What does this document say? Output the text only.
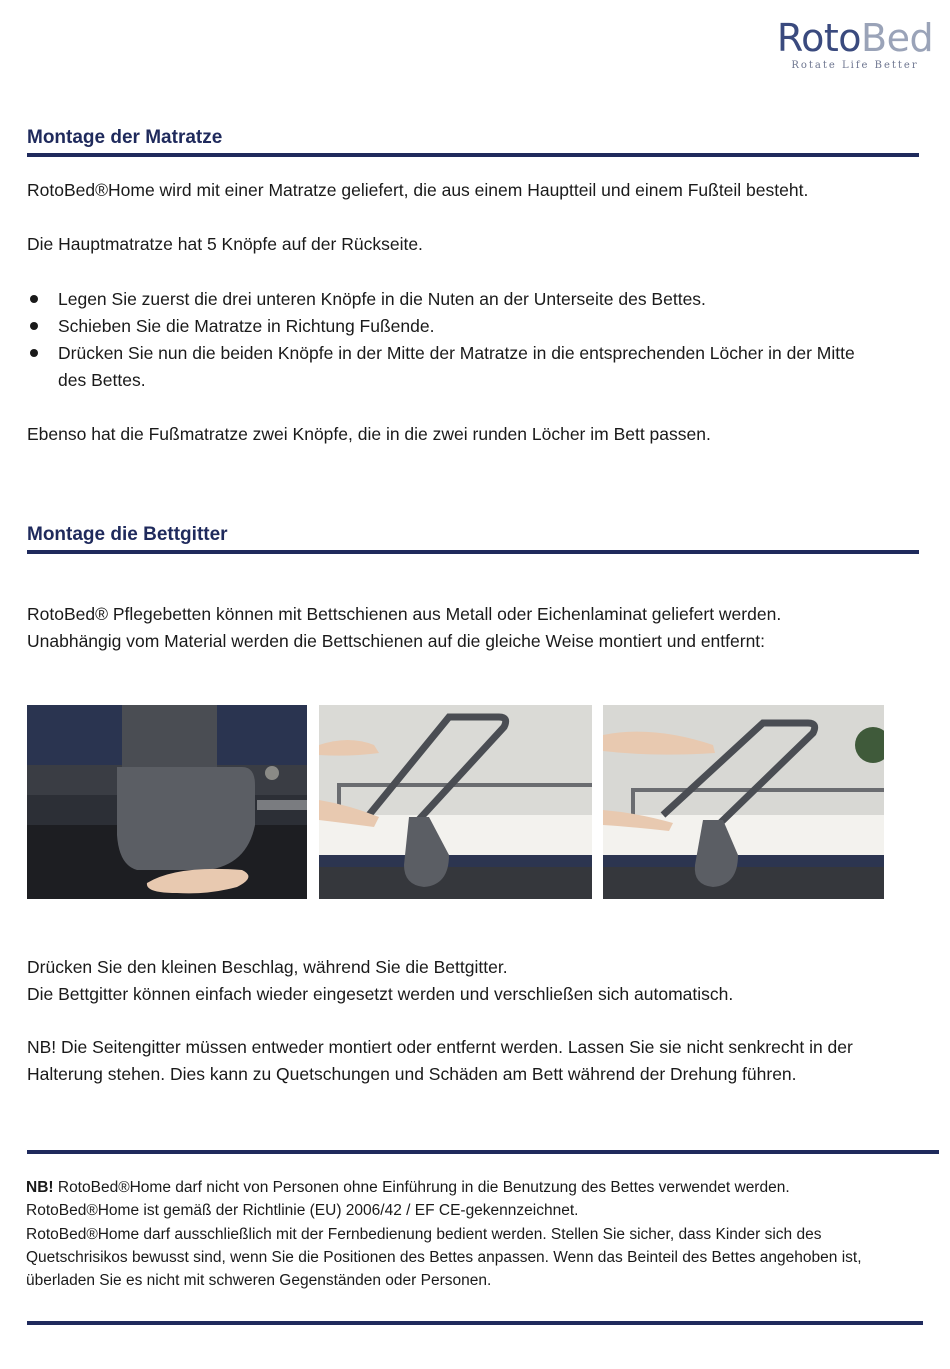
RotoBed
Rotate Life Better
Montage der Matratze

RotoBed®Home wird mit einer Matratze geliefert, die aus einem Hauptteil und einem Fußteil besteht.

Die Hauptmatratze hat 5 Knöpfe auf der Rückseite.

Legen Sie zuerst die drei unteren Knöpfe in die Nuten an der Unterseite des Bettes.
Schieben Sie die Matratze in Richtung Fußende.
Drücken Sie nun die beiden Knöpfe in der Mitte der Matratze in die entsprechenden Löcher in der Mitte des Bettes.

Ebenso hat die Fußmatratze zwei Knöpfe, die in die zwei runden Löcher im Bett passen.

Montage die Bettgitter

RotoBed® Pflegebetten können mit Bettschienen aus Metall oder Eichenlaminat geliefert werden.

Unabhängig vom Material werden die Bettschienen auf die gleiche Weise montiert und entfernt:

Drücken Sie den kleinen Beschlag, während Sie die Bettgitter.

Die Bettgitter können einfach wieder eingesetzt werden und verschließen sich automatisch.

NB! Die Seitengitter müssen entweder montiert oder entfernt werden. Lassen Sie sie nicht senkrecht in der Halterung stehen. Dies kann zu Quetschungen und Schäden am Bett während der Drehung führen.

NB! RotoBed®Home darf nicht von Personen ohne Einführung in die Benutzung des Bettes verwendet werden.

RotoBed®Home ist gemäß der Richtlinie (EU) 2006/42 / EF CE-gekennzeichnet.

RotoBed®Home darf ausschließlich mit der Fernbedienung bedient werden. Stellen Sie sicher, dass Kinder sich des Quetschrisikos bewusst sind, wenn Sie die Positionen des Bettes anpassen. Wenn das Beinteil des Bettes angehoben ist, überladen Sie es nicht mit schweren Gegenständen oder Personen.
